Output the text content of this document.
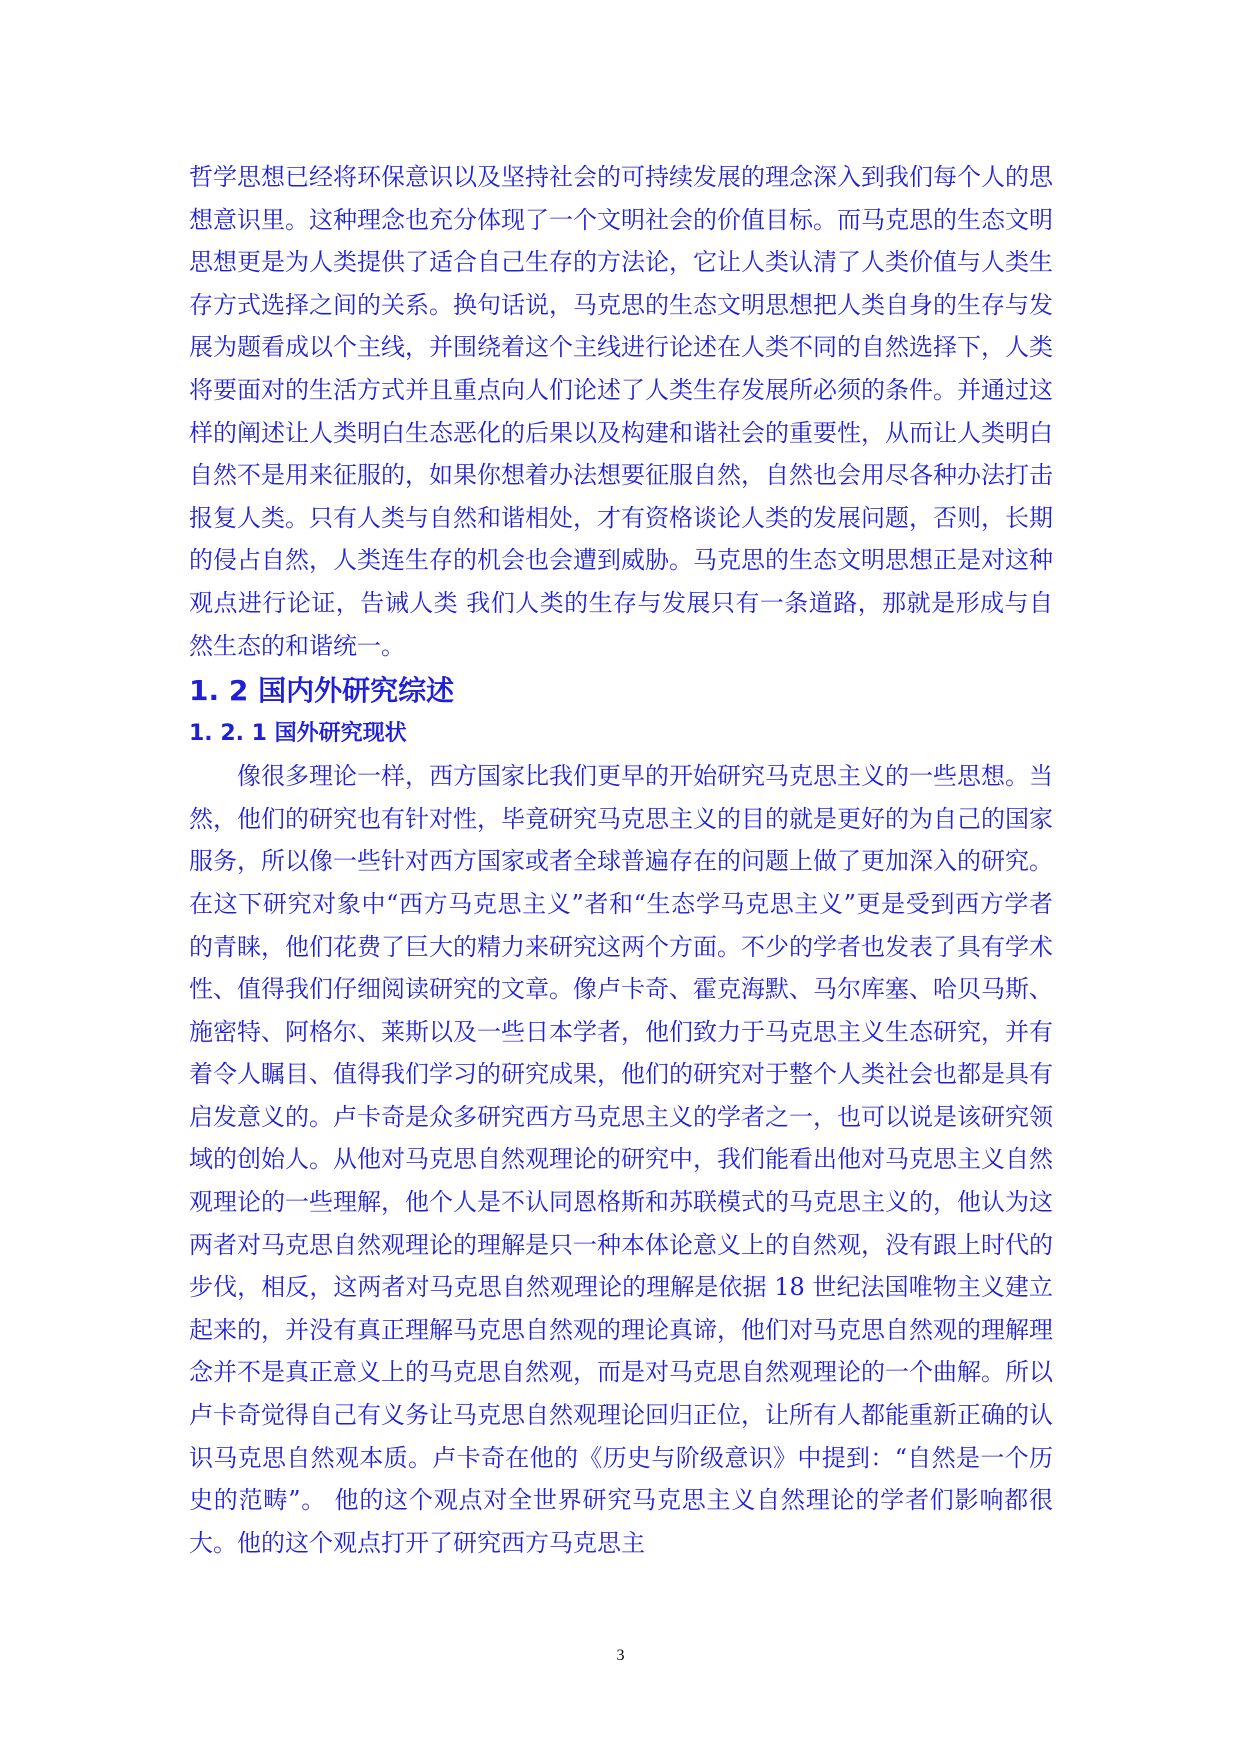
哲学思想已经将环保意识以及坚持社会的可持续发展的理念深入到我们每个人的思想意识里。这种理念也充分体现了一个文明社会的价值目标。而马克思的生态文明思想更是为人类提供了适合自己生存的方法论，它让人类认清了人类价值与人类生存方式选择之间的关系。换句话说，马克思的生态文明思想把人类自身的生存与发展为题看成以个主线，并围绕着这个主线进行论述在人类不同的自然选择下，人类将要面对的生活方式并且重点向人们论述了人类生存发展所必须的条件。并通过这样的阐述让人类明白生态恶化的后果以及构建和谐社会的重要性，从而让人类明白自然不是用来征服的，如果你想着办法想要征服自然，自然也会用尽各种办法打击报复人类。只有人类与自然和谐相处，才有资格谈论人类的发展问题，否则，长期的侵占自然，人类连生存的机会也会遭到威胁。马克思的生态文明思想正是对这种观点进行论证，告诫人类 我们人类的生存与发展只有一条道路，那就是形成与自然生态的和谐统一。

1. 2 国内外研究综述
1. 2. 1 国外研究现状

像很多理论一样，西方国家比我们更早的开始研究马克思主义的一些思想。当然，他们的研究也有针对性，毕竟研究马克思主义的目的就是更好的为自己的国家服务，所以像一些针对西方国家或者全球普遍存在的问题上做了更加深入的研究。在这下研究对象中“西方马克思主义”者和“生态学马克思主义”更是受到西方学者的青睐，他们花费了巨大的精力来研究这两个方面。不少的学者也发表了具有学术性、值得我们仔细阅读研究的文章。像卢卡奇、霍克海默、马尔库塞、哈贝马斯、施密特、阿格尔、莱斯以及一些日本学者，他们致力于马克思主义生态研究，并有着令人瞩目、值得我们学习的研究成果，他们的研究对于整个人类社会也都是具有启发意义的。卢卡奇是众多研究西方马克思主义的学者之一，也可以说是该研究领域的创始人。从他对马克思自然观理论的研究中，我们能看出他对马克思主义自然观理论的一些理解，他个人是不认同恩格斯和苏联模式的马克思主义的，他认为这两者对马克思自然观理论的理解是只一种本体论意义上的自然观，没有跟上时代的步伐，相反，这两者对马克思自然观理论的理解是依据 18 世纪法国唯物主义建立起来的，并没有真正理解马克思自然观的理论真谛，他们对马克思自然观的理解理念并不是真正意义上的马克思自然观，而是对马克思自然观理论的一个曲解。所以卢卡奇觉得自己有义务让马克思自然观理论回归正位，让所有人都能重新正确的认识马克思自然观本质。卢卡奇在他的《历史与阶级意识》中提到：“自然是一个历史的范畴”。 他的这个观点对全世界研究马克思主义自然理论的学者们影响都很大。他的这个观点打开了研究西方马克思主

3
